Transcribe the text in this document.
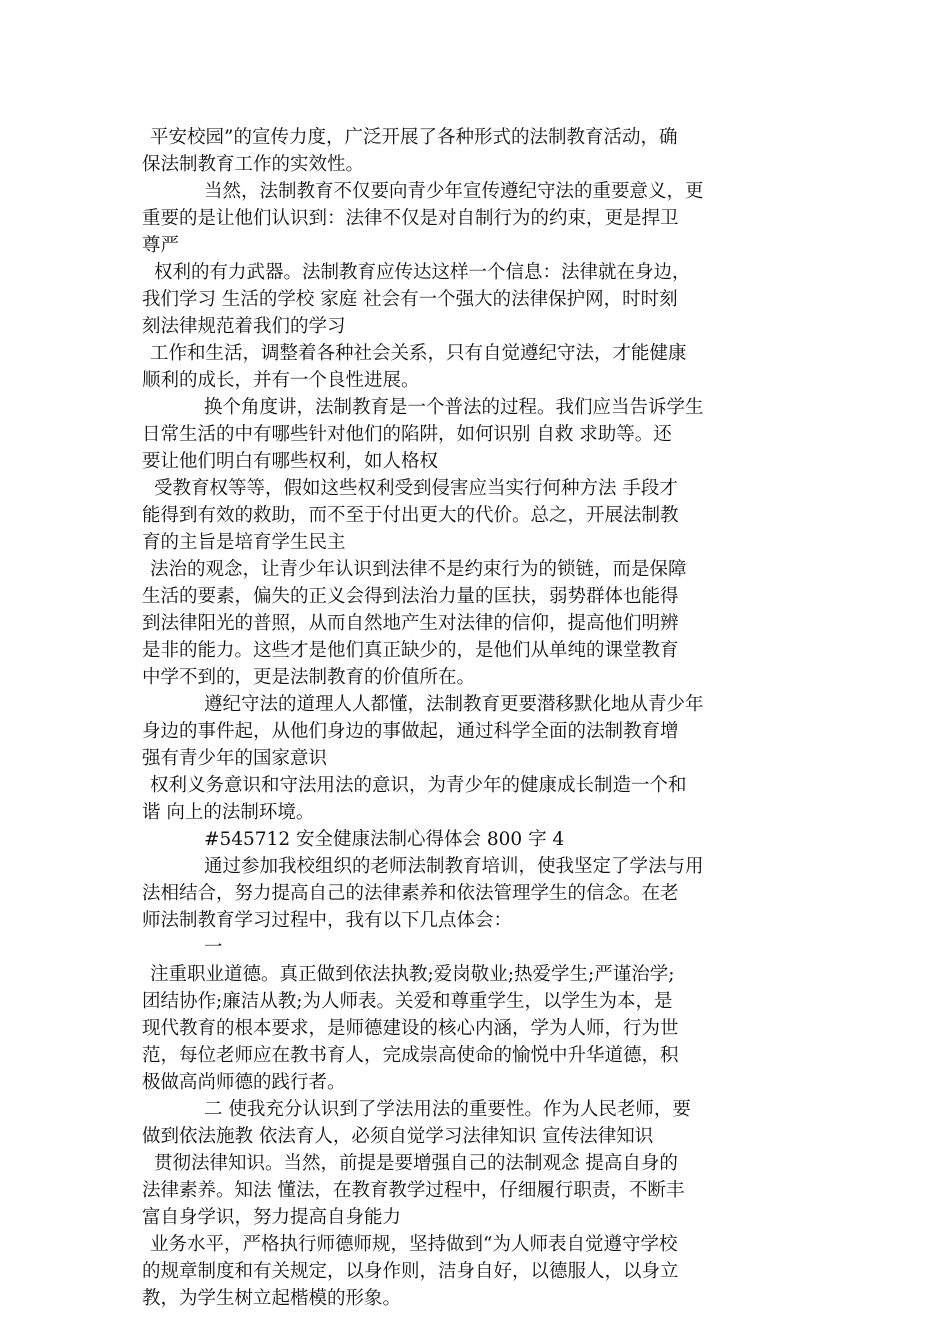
平安校园”的宣传力度，广泛开展了各种形式的法制教育活动，确
保法制教育工作的实效性。
当然，法制教育不仅要向青少年宣传遵纪守法的重要意义，更
重要的是让他们认识到：法律不仅是对自制行为的约束，更是捍卫
尊严
权利的有力武器。法制教育应传达这样一个信息：法律就在身边，
我们学习 生活的学校 家庭 社会有一个强大的法律保护网，时时刻
刻法律规范着我们的学习
工作和生活，调整着各种社会关系，只有自觉遵纪守法，才能健康
顺利的成长，并有一个良性进展。
换个角度讲，法制教育是一个普法的过程。我们应当告诉学生
日常生活的中有哪些针对他们的陷阱，如何识别 自救 求助等。还
要让他们明白有哪些权利，如人格权
受教育权等等，假如这些权利受到侵害应当实行何种方法 手段才
能得到有效的救助，而不至于付出更大的代价。总之，开展法制教
育的主旨是培育学生民主
法治的观念，让青少年认识到法律不是约束行为的锁链，而是保障
生活的要素，偏失的正义会得到法治力量的匡扶，弱势群体也能得
到法律阳光的普照，从而自然地产生对法律的信仰，提高他们明辨
是非的能力。这些才是他们真正缺少的，是他们从单纯的课堂教育
中学不到的，更是法制教育的价值所在。
遵纪守法的道理人人都懂，法制教育更要潜移默化地从青少年
身边的事件起，从他们身边的事做起，通过科学全面的法制教育增
强有青少年的国家意识
权利义务意识和守法用法的意识，为青少年的健康成长制造一个和
谐 向上的法制环境。
#545712 安全健康法制心得体会 800 字 4
通过参加我校组织的老师法制教育培训，使我坚定了学法与用
法相结合，努力提高自己的法律素养和依法管理学生的信念。在老
师法制教育学习过程中，我有以下几点体会：
一
注重职业道德。真正做到依法执教;爱岗敬业;热爱学生;严谨治学;
团结协作;廉洁从教;为人师表。关爱和尊重学生，以学生为本，是
现代教育的根本要求，是师德建设的核心内涵，学为人师，行为世
范，每位老师应在教书育人，完成崇高使命的愉悦中升华道德，积
极做高尚师德的践行者。
二 使我充分认识到了学法用法的重要性。作为人民老师，要
做到依法施教 依法育人，必须自觉学习法律知识 宣传法律知识
贯彻法律知识。当然，前提是要增强自己的法制观念 提高自身的
法律素养。知法 懂法，在教育教学过程中，仔细履行职责，不断丰
富自身学识，努力提高自身能力
业务水平，严格执行师德师规，坚持做到“为人师表自觉遵守学校
的规章制度和有关规定，以身作则，洁身自好，以德服人，以身立
教，为学生树立起楷模的形象。
